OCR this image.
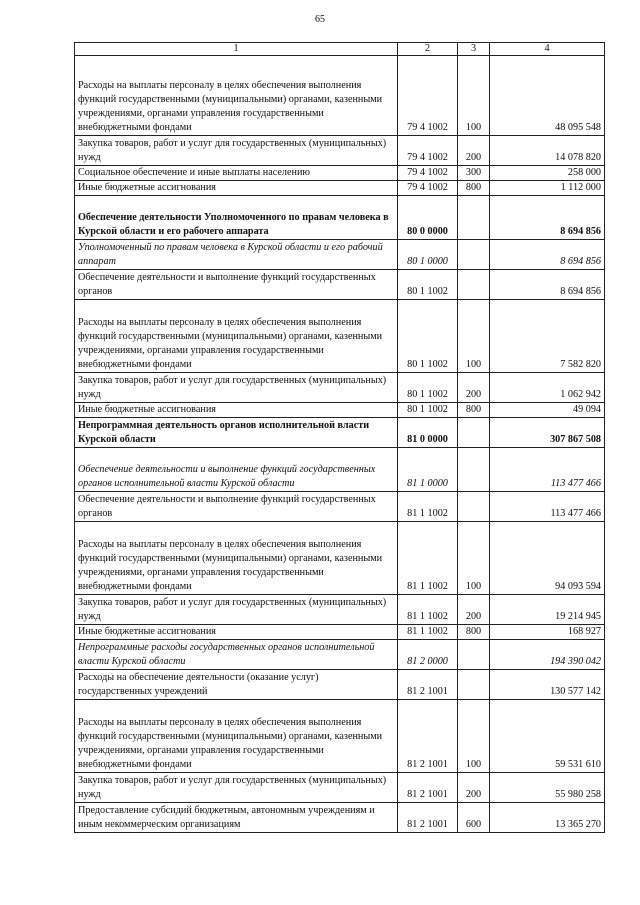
65
1	2	3	4
Расходы на выплаты персоналу в целях обеспечения выполнения функций государственными (муниципальными) органами, казенными учреждениями, органами управления государственными внебюджетными фондами	79 4 1002	100	48 095 548
Закупка товаров, работ и услуг для государственных (муниципальных) нужд	79 4 1002	200	14 078 820
Социальное обеспечение и иные выплаты населению	79 4 1002	300	258 000
Иные бюджетные ассигнования	79 4 1002	800	1 112 000
Обеспечение деятельности Уполномоченного по правам человека в Курской области и его рабочего аппарата	80 0 0000		8 694 856
Уполномоченный по правам человека в Курской области и его рабочий аппарат	80 1 0000		8 694 856
Обеспечение деятельности и выполнение функций государственных органов	80 1 1002		8 694 856
Расходы на выплаты персоналу в целях обеспечения выполнения функций государственными (муниципальными) органами, казенными учреждениями, органами управления государственными внебюджетными фондами	80 1 1002	100	7 582 820
Закупка товаров, работ и услуг для государственных (муниципальных) нужд	80 1 1002	200	1 062 942
Иные бюджетные ассигнования	80 1 1002	800	49 094
Непрограммная деятельность органов исполнительной власти Курской области	81 0 0000		307 867 508
Обеспечение деятельности и выполнение функций государственных органов исполнительной власти Курской области	81 1 0000		113 477 466
Обеспечение деятельности и выполнение функций государственных органов	81 1 1002		113 477 466
Расходы на выплаты персоналу в целях обеспечения выполнения функций государственными (муниципальными) органами, казенными учреждениями, органами управления государственными внебюджетными фондами	81 1 1002	100	94 093 594
Закупка товаров, работ и услуг для государственных (муниципальных) нужд	81 1 1002	200	19 214 945
Иные бюджетные ассигнования	81 1 1002	800	168 927
Непрограммные расходы государственных органов исполнительной власти Курской области	81 2 0000		194 390 042
Расходы на обеспечение деятельности (оказание услуг) государственных учреждений	81 2 1001		130 577 142
Расходы на выплаты персоналу в целях обеспечения выполнения функций государственными (муниципальными) органами, казенными учреждениями, органами управления государственными внебюджетными фондами	81 2 1001	100	59 531 610
Закупка товаров, работ и услуг для государственных (муниципальных) нужд	81 2 1001	200	55 980 258
Предоставление субсидий бюджетным, автономным учреждениям и иным некоммерческим организациям	81 2 1001	600	13 365 270
